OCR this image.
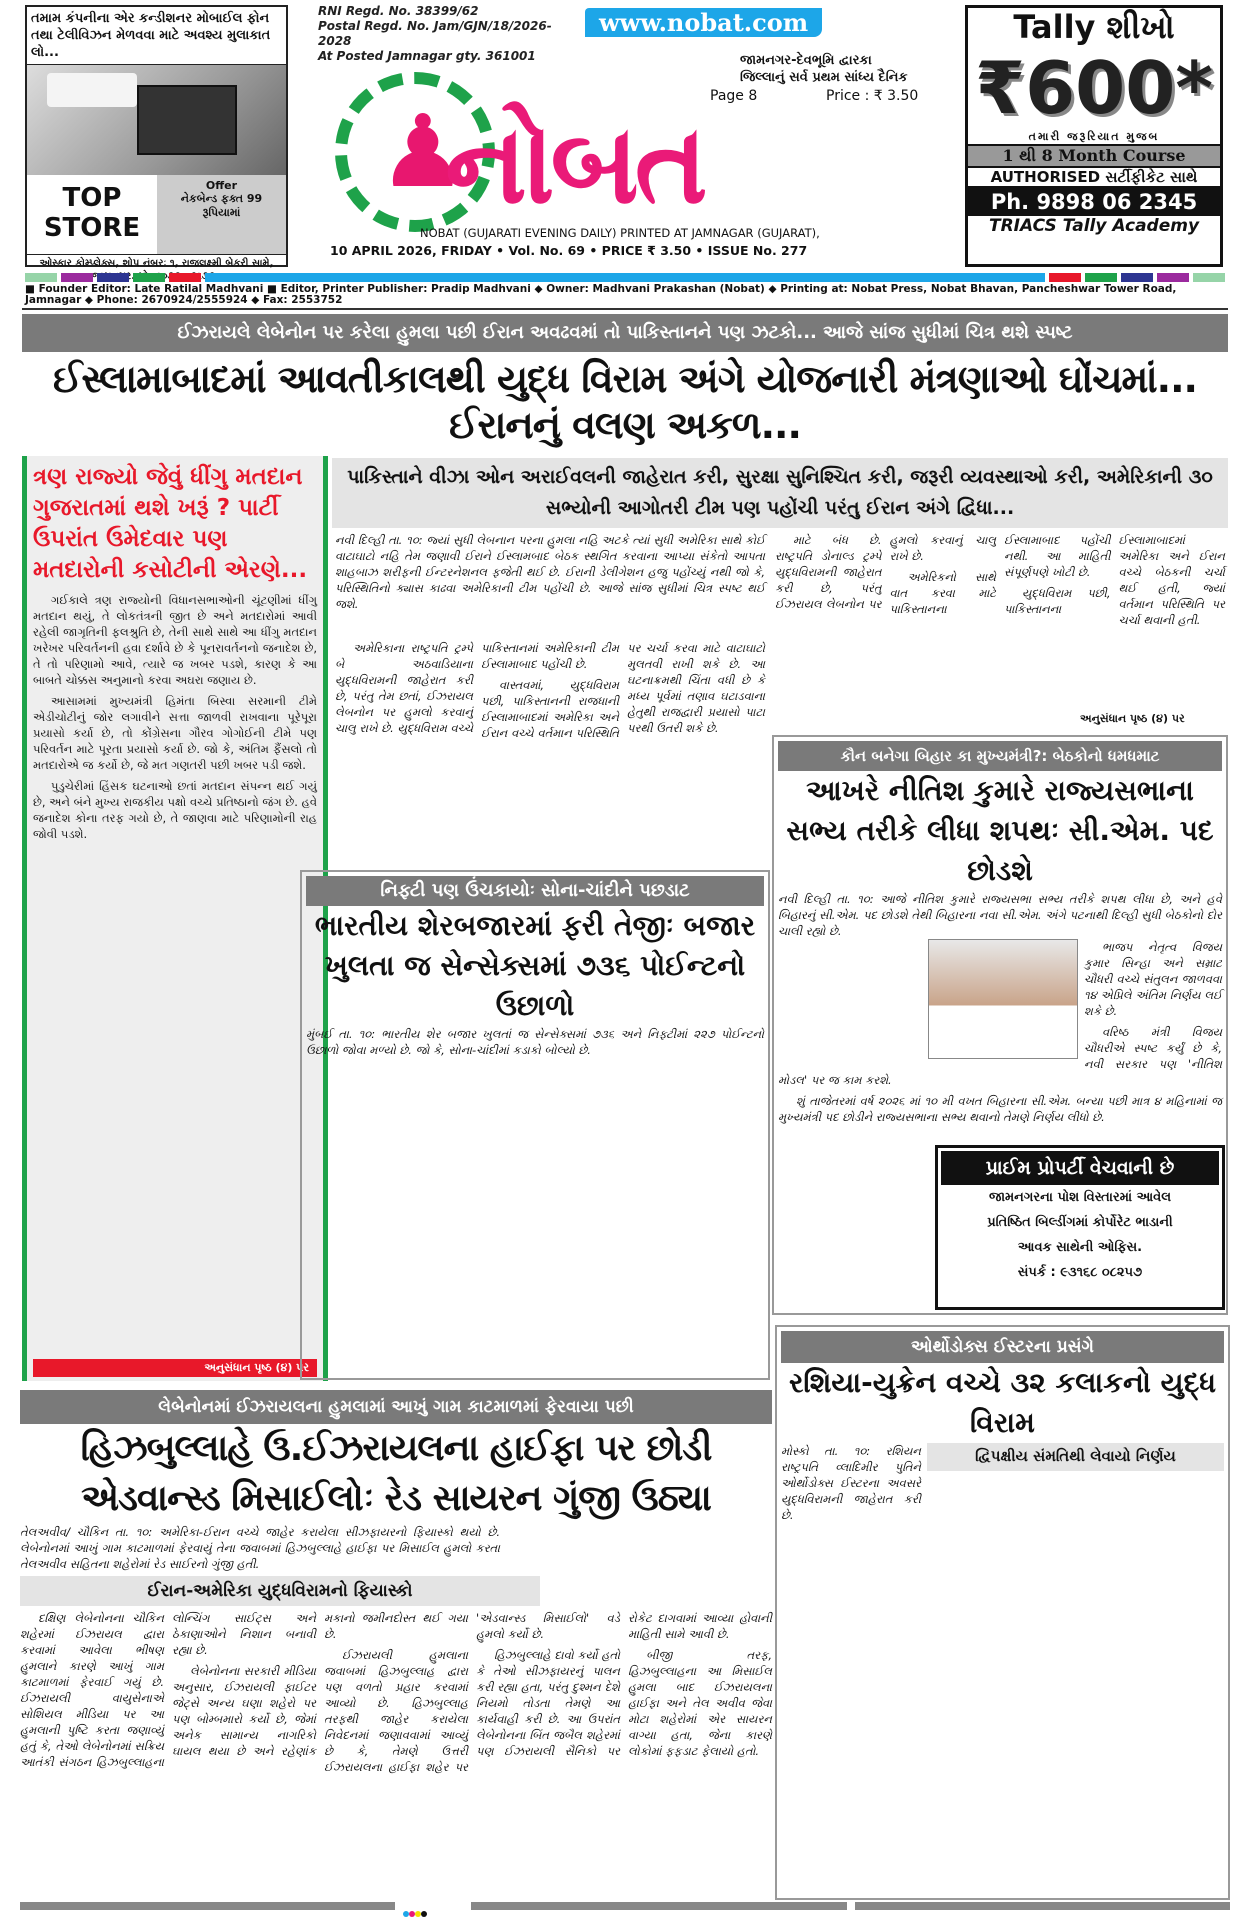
તમામ કંપનીના એર કન્ડીશનર મોબાઈલ ફોન તથા ટેલીવિઝન મેળવવા માટે અવશ્ય મુલાકાત લો...
TOP STORE
Offer
નેકબેન્ડ ફક્ત 99 રૂપિયામાં
ઓસ્કાર કોમ્પ્લેક્સ, શોપ નંબરઃ ૧, રાજલક્ષ્મી બેકરી સામે,
RNI Regd. No. 38399/62
Postal Regd. No. Jam/GJN/18/2026-2028
At Posted Jamnagar gty. 361001
www.nobat.com
જામનગર-દેવભૂમિ દ્વારકા
જિલ્લાનું સર્વ પ્રથમ સાંધ્ય દૈનિક
Page 8	Price : ₹ 3.50
♟
નોબત
NOBAT (GUJARATI EVENING DAILY) PRINTED AT JAMNAGAR (GUJARAT),
10 APRIL 2026, FRIDAY • Vol. No. 69 • PRICE ₹ 3.50 • ISSUE No. 277
Tally શીખો
₹600*
તમારી જરૂરિયાત મુજબ
1 થી 8 Month Course
AUTHORISED સર્ટીફીકેટ સાથે
Ph. 9898 06 2345
TRIACS Tally Academy
■ Founder Editor: Late Ratilal Madhvani ■ Editor, Printer Publisher: Pradip Madhvani ◆ Owner: Madhvani Prakashan (Nobat) ◆ Printing at: Nobat Press, Nobat Bhavan, Pancheshwar Tower Road, Jamnagar ◆ Phone: 2670924/2555924 ◆ Fax: 2553752
ઈઝરાયલે લેબેનોન પર કરેલા હુમલા પછી ઈરાન અવઢવમાં તો પાકિસ્તાનને પણ ઝટકો... આજે સાંજ સુધીમાં ચિત્ર થશે સ્પષ્ટ
ઈસ્લામાબાદમાં આવતીકાલથી યુદ્ધ વિરામ અંગે યોજનારી મંત્રણાઓ ઘોંચમાં... ઈરાનનું વલણ અકળ...
ત્રણ રાજ્યો જેવું ધીંગુ મતદાન ગુજરાતમાં થશે ખરૂં ? પાર્ટી ઉપરાંત ઉમેદવાર પણ મતદારોની કસોટીની એરણે...

ગઈકાલે ત્રણ રાજ્યોની વિધાનસભાઓની ચૂંટણીમાં ધીંગુ મતદાન થયું, તે લોકતંત્રની જીત છે અને મતદારોમાં આવી રહેલી જાગૃતિની ફલશ્રુતિ છે, તેની સાથે સાથે આ ધીંગુ મતદાન ખરેખર પરિવર્તનની હવા દર્શાવે છે કે પૂનરાવર્તનનો જનાદેશ છે, તે તો પરિણામો આવે, ત્યારે જ ખબર પડશે, કારણ કે આ બાબતે ચોક્કસ અનુમાનો કરવા અઘરા જણાય છે.

આસામમાં મુખ્યમંત્રી હિમંતા બિસ્વા સરમાની ટીમે એડીચોટીનું જોર લગાવીને સત્તા જાળવી રાખવાના પૂરેપૂરા પ્રયાસો કર્યા છે, તો કોંગ્રેસના ગૌરવ ગોગોઈની ટીમે પણ પરિવર્તન માટે પૂરતા પ્રયાસો કર્યા છે. જો કે, અંતિમ ફૈંસલો તો મતદારોએ જ કર્યો છે, જે મત ગણતરી પછી ખબર પડી જશે.

પુડુચેરીમાં હિંસક ઘટનાઓ છતાં મતદાન સંપન્ન થઈ ગયું છે, અને બંને મુખ્ય રાજકીય પક્ષો વચ્ચે પ્રતિષ્ઠાનો જંગ છે. હવે જનાદેશ કોના તરફ ગયો છે, તે જાણવા માટે પરિણામોની રાહ જોવી પડશે.

અનુસંધાન પૃષ્ઠ (૪) પર
પાકિસ્તાને વીઝા ઓન અરાઈવલની જાહેરાત કરી, સુરક્ષા સુનિશ્ચિત કરી, જરૂરી વ્યવસ્થાઓ કરી, અમેરિકાની ૩૦ સભ્યોની આગોતરી ટીમ પણ પહોંચી પરંતુ ઈરાન અંગે દ્વિધા...
નવી દિલ્હી તા. ૧૦: જ્યાં સુધી લેબનાન પરના હુમલા નહિ અટકે ત્યાં સુધી અમેરિકા સાથે કોઈ વાટાઘાટો નહિ તેમ જણાવી ઈરાને ઈસ્લામબાદ બેઠક સ્થગિત કરવાના આપ્યા સંકેતો આપતા શાહબાઝ શરીફની ઈન્ટરનેશનલ ફજેતી થઈ છે. ઈરાની ડેલીગેશન હજુ પહોંચ્યું નથી જો કે, પરિસ્થિતિનો ક્યાસ કાઢવા અમેરિકાની ટીમ પહોંચી છે. આજે સાંજ સુધીમાં ચિત્ર સ્પષ્ટ થઈ જશે.

અમેરિકાના રાષ્ટ્રપતિ ટ્રમ્પે બે અઠવાડિયાના યુદ્ધવિરામની જાહેરાત કરી છે, પરંતુ તેમ છતાં, ઈઝરાયલ લેબનોન પર હુમલો કરવાનું ચાલુ રાખે છે. યુદ્ધવિરામ વચ્ચે પાકિસ્તાનમાં અમેરિકાની ટીમ ઈસ્લામાબાદ પહોંચી છે.

વાસ્તવમાં, યુદ્ધવિરામ પછી, પાકિસ્તાનની રાજધાની ઈસ્લામાબાદમાં અમેરિકા અને ઈરાન વચ્ચે વર્તમાન પરિસ્થિતિ પર ચર્ચા કરવા માટે વાટાઘાટો મુલતવી રાખી શકે છે. આ ઘટનાક્રમથી ચિંતા વધી છે કે મધ્ય પૂર્વમાં તણાવ ઘટાડવાના હેતુથી રાજદ્વારી પ્રયાસો પાટા પરથી ઉતરી શકે છે.

માટે બંધ છે. રાષ્ટ્રપતિ ડોનાલ્ડ ટ્રમ્પે યુદ્ધવિરામની જાહેરાત કરી છે, પરંતુ ઈઝરાયલ લેબનોન પર હુમલો કરવાનું ચાલુ રાખે છે.

અમેરિકનો સાથે વાત કરવા માટે પાકિસ્તાનના ઈસ્લામાબાદ પહોંચી નથી. આ માહિતી સંપૂર્ણપણે ખોટી છે.

યુદ્ધવિરામ પછી, પાકિસ્તાનના ઈસ્લામાબાદમાં અમેરિકા અને ઈરાન વચ્ચે બેઠકની ચર્ચા થઈ હતી, જ્યાં વર્તમાન પરિસ્થિતિ પર ચર્ચા થવાની હતી.

અનુસંધાન પૃષ્ઠ (૪) પર
નિફ્ટી પણ ઉંચકાયોઃ સોના-ચાંદીને પછડાટ
ભારતીય શેરબજારમાં ફરી તેજીઃ બજાર ખુલતા જ સેન્સેક્સમાં ૭૩૬ પોઈન્ટનો ઉછાળો
મુંબઈ તા. ૧૦: ભારતીય શેર બજાર ખુલતાં જ સેન્સેક્સમાં ૭૩૬ અને નિફ્ટીમાં ૨૨૭ પોઈન્ટનો ઉછાળો જોવા મળ્યો છે. જો કે, સોના-ચાંદીમાં કડાકો બોલ્યો છે.
કૌન બનેગા બિહાર કા મુખ્યમંત્રી?: બેઠકોનો ધમધમાટ
આખરે નીતિશ કુમારે રાજ્યસભાના સભ્ય તરીકે લીધા શપથઃ સી.એમ. પદ છોડશે
નવી દિલ્હી તા. ૧૦: આજે નીતિશ કુમારે રાજ્યસભા સભ્ય તરીકે શપથ લીધા છે, અને હવે બિહારનું સી.એમ. પદ છોડશે તેથી બિહારના નવા સી.એમ. અંગે પટનાથી દિલ્હી સુધી બેઠકોનો દોર ચાલી રહ્યો છે.

ભાજપ નેતૃત્વ વિજય કુમાર સિન્હા અને સમ્રાટ ચૌધરી વચ્ચે સંતુલન જાળવવા ૧૪ એપ્રિલે અંતિમ નિર્ણય લઈ શકે છે.

વરિષ્ઠ મંત્રી વિજય ચૌધરીએ સ્પષ્ટ કર્યું છે કે, નવી સરકાર પણ 'નીતિશ મોડલ' પર જ કામ કરશે.

શું તાજેતરમાં વર્ષ ૨૦૨૬ માં ૧૦ મી વખત બિહારના સી.એમ. બન્યા પછી માત્ર ૪ મહિનામાં જ મુખ્યમંત્રી પદ છોડીને રાજ્યસભાના સભ્ય થવાનો તેમણે નિર્ણય લીધો છે.

પ્રાઈમ પ્રોપર્ટી વેચવાની છે
જામનગરના પોશ વિસ્તારમાં આવેલ
પ્રતિષ્ઠિત બિલ્ડીંગમાં કોર્પોરેટ ભાડાની
આવક સાથેની ઓફિસ.
સંપર્ક : ૯૩૧૬૮ ૦૮૨૫૭
લેબેનોનમાં ઈઝરાયલના હુમલામાં આખું ગામ કાટમાળમાં ફેરવાયા પછી
હિઝબુલ્લાહે ઉ.ઈઝરાયલના હાઈફા પર છોડી એડવાન્સ્ડ મિસાઈલોઃ રેડ સાયરન ગુંજી ઉઠ્યા
તેલઅવીવ/ ચૌકિન તા. ૧૦: અમેરિકા-ઈરાન વચ્ચે જાહેર કરાયેલા સીઝફાયરનો ફિયાસ્કો થયો છે. લેબેનોનમાં આખું ગામ કાટમાળમાં ફેરવાયું તેના જવાબમાં હિઝબુલ્લાહે હાઈફા પર મિસાઈલ હુમલો કરતા તેલઅવીવ સહિતના શહેરોમાં રેડ સાઈરનો ગુંજી હતી.
ઈરાન-અમેરિકા યુદ્ધવિરામનો ફિયાસ્કો

દક્ષિણ લેબેનોનના ચૌકિન શહેરમાં ઈઝરાયલ દ્વારા કરવામાં આવેલા ભીષણ હુમલાને કારણે આખું ગામ કાટમાળમાં ફેરવાઈ ગયું છે. ઈઝરાયલી વાયુસેનાએ સોશિયલ મીડિયા પર આ હુમલાની પુષ્ટિ કરતા જણાવ્યું હતું કે, તેઓ લેબેનોનમાં સક્રિય આતંકી સંગઠન હિઝબુલ્લાહના લોન્ચિંગ સાઈટ્સ અને ઠેકાણાઓને નિશાન બનાવી રહ્યા છે.

લેબેનોનના સરકારી મીડિયા અનુસાર, ઈઝરાયલી ફાઈટર જેટ્સે અન્ય ઘણા શહેરો પર પણ બોમ્બમારો કર્યો છે, જેમાં અનેક સામાન્ય નાગરિકો ઘાયલ થયા છે અને રહેણાંક મકાનો જમીનદોસ્ત થઈ ગયા છે.

ઈઝરાયલી હુમલાના જવાબમાં હિઝબુલ્લાહ દ્વારા પણ વળતો પ્રહાર કરવામાં આવ્યો છે. હિઝબુલ્લાહ તરફથી જાહેર કરાયેલા નિવેદનમાં જણાવવામાં આવ્યું છે કે, તેમણે ઉત્તરી ઈઝરાયલના હાઈફા શહેર પર 'એડવાન્સ્ડ મિસાઈલો' વડે હુમલો કર્યો છે.

હિઝબુલ્લાહે દાવો કર્યો હતો કે તેઓ સીઝફાયરનું પાલન કરી રહ્યા હતા, પરંતુ દુશ્મન દેશે નિયમો તોડતા તેમણે આ કાર્યવાહી કરી છે. આ ઉપરાંત લેબેનોનના બિંત જબૈલ શહેરમાં પણ ઈઝરાયલી સૈનિકો પર રોકેટ દાગવામાં આવ્યા હોવાની માહિતી સામે આવી છે.

બીજી તરફ, હિઝબુલ્લાહના આ મિસાઈલ હુમલા બાદ ઈઝરાયલના હાઈફા અને તેલ અવીવ જેવા મોટા શહેરોમાં એર સાયરન વાગ્યા હતા, જેના કારણે લોકોમાં ફફડાટ ફેલાયો હતો.

ઓર્થોડોક્સ ઈસ્ટરના પ્રસંગે
રશિયા-યુક્રેન વચ્ચે ૩૨ કલાકનો યુદ્ધ વિરામ
મોસ્કો તા. ૧૦: રશિયન રાષ્ટ્રપતિ વ્લાદિમીર પુતિને ઓર્થોડોક્સ ઈસ્ટરના અવસરે યુદ્ધવિરામની જાહેરાત કરી છે.
દ્વિપક્ષીય સંમતિથી લેવાયો નિર્ણય
